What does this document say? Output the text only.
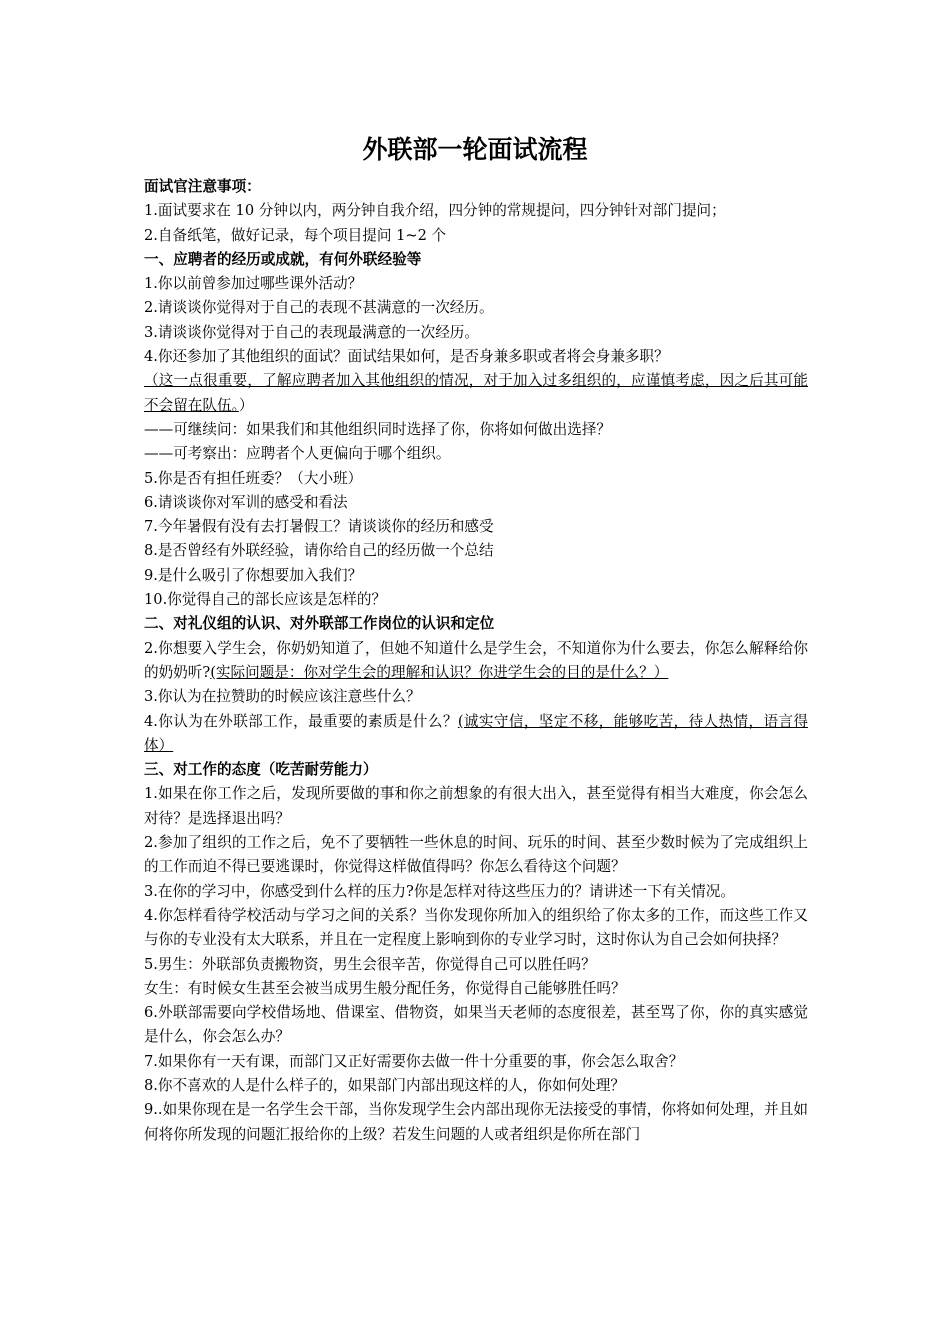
外联部一轮面试流程

面试官注意事项：

1.面试要求在 10 分钟以内，两分钟自我介绍，四分钟的常规提问，四分钟针对部门提问；

2.自备纸笔，做好记录，每个项目提问 1~2 个

一、应聘者的经历或成就，有何外联经验等

1.你以前曾参加过哪些课外活动？

2.请谈谈你觉得对于自己的表现不甚满意的一次经历。

3.请谈谈你觉得对于自己的表现最满意的一次经历。

4.你还参加了其他组织的面试？面试结果如何，是否身兼多职或者将会身兼多职？

（这一点很重要，了解应聘者加入其他组织的情况，对于加入过多组织的，应谨慎考虑，因之后其可能不会留在队伍。）

——可继续问：如果我们和其他组织同时选择了你，你将如何做出选择？

——可考察出：应聘者个人更偏向于哪个组织。

5.你是否有担任班委？（大小班）

6.请谈谈你对军训的感受和看法

7.今年暑假有没有去打暑假工？请谈谈你的经历和感受

8.是否曾经有外联经验，请你给自己的经历做一个总结

9.是什么吸引了你想要加入我们？

10.你觉得自己的部长应该是怎样的？

二、对礼仪组的认识、对外联部工作岗位的认识和定位

2.你想要入学生会，你奶奶知道了，但她不知道什么是学生会，不知道你为什么要去，你怎么解释给你的奶奶听?(实际问题是：你对学生会的理解和认识？你进学生会的目的是什么？）

3.你认为在拉赞助的时候应该注意些什么？

4.你认为在外联部工作，最重要的素质是什么？(诚实守信，坚定不移，能够吃苦，待人热情，语言得体）

三、对工作的态度（吃苦耐劳能力）

1.如果在你工作之后，发现所要做的事和你之前想象的有很大出入，甚至觉得有相当大难度，你会怎么对待？是选择退出吗？

2.参加了组织的工作之后，免不了要牺牲一些休息的时间、玩乐的时间、甚至少数时候为了完成组织上的工作而迫不得已要逃课时，你觉得这样做值得吗？你怎么看待这个问题？

3.在你的学习中，你感受到什么样的压力?你是怎样对待这些压力的？请讲述一下有关情况。

4.你怎样看待学校活动与学习之间的关系？当你发现你所加入的组织给了你太多的工作，而这些工作又与你的专业没有太大联系，并且在一定程度上影响到你的专业学习时，这时你认为自己会如何抉择？

5.男生：外联部负责搬物资，男生会很辛苦，你觉得自己可以胜任吗？

女生：有时候女生甚至会被当成男生般分配任务，你觉得自己能够胜任吗？

6.外联部需要向学校借场地、借课室、借物资，如果当天老师的态度很差，甚至骂了你，你的真实感觉是什么，你会怎么办？

7.如果你有一天有课，而部门又正好需要你去做一件十分重要的事，你会怎么取舍？

8.你不喜欢的人是什么样子的，如果部门内部出现这样的人，你如何处理？

9..如果你现在是一名学生会干部，当你发现学生会内部出现你无法接受的事情，你将如何处理，并且如何将你所发现的问题汇报给你的上级？若发生问题的人或者组织是你所在部门
